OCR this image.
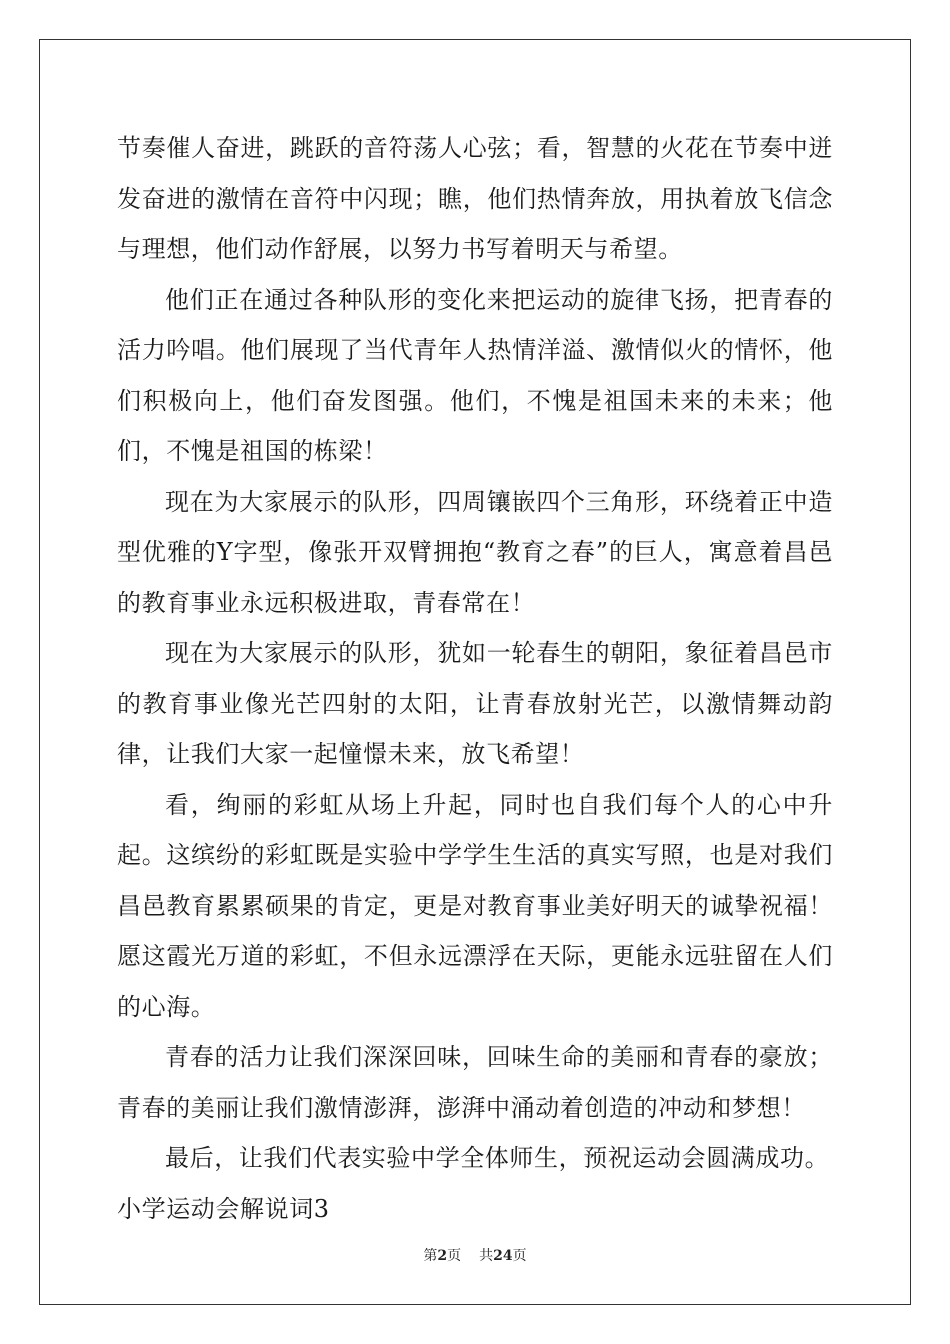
节奏催人奋进，跳跃的音符荡人心弦；看，智慧的火花在节奏中迸发奋进的激情在音符中闪现；瞧，他们热情奔放，用执着放飞信念与理想，他们动作舒展，以努力书写着明天与希望。

他们正在通过各种队形的变化来把运动的旋律飞扬，把青春的活力吟唱。他们展现了当代青年人热情洋溢、激情似火的情怀，他们积极向上，他们奋发图强。他们，不愧是祖国未来的未来；他们，不愧是祖国的栋梁！

现在为大家展示的队形，四周镶嵌四个三角形，环绕着正中造型优雅的Y字型，像张开双臂拥抱“教育之春”的巨人，寓意着昌邑的教育事业永远积极进取，青春常在！

现在为大家展示的队形，犹如一轮春生的朝阳，象征着昌邑市的教育事业像光芒四射的太阳，让青春放射光芒，以激情舞动韵律，让我们大家一起憧憬未来，放飞希望！

看，绚丽的彩虹从场上升起，同时也自我们每个人的心中升起。这缤纷的彩虹既是实验中学学生生活的真实写照，也是对我们昌邑教育累累硕果的肯定，更是对教育事业美好明天的诚挚祝福！愿这霞光万道的彩虹，不但永远漂浮在天际，更能永远驻留在人们的心海。

青春的活力让我们深深回味，回味生命的美丽和青春的豪放；青春的美丽让我们激情澎湃，澎湃中涌动着创造的冲动和梦想！

最后，让我们代表实验中学全体师生，预祝运动会圆满成功。

小学运动会解说词3

第2页 共24页
